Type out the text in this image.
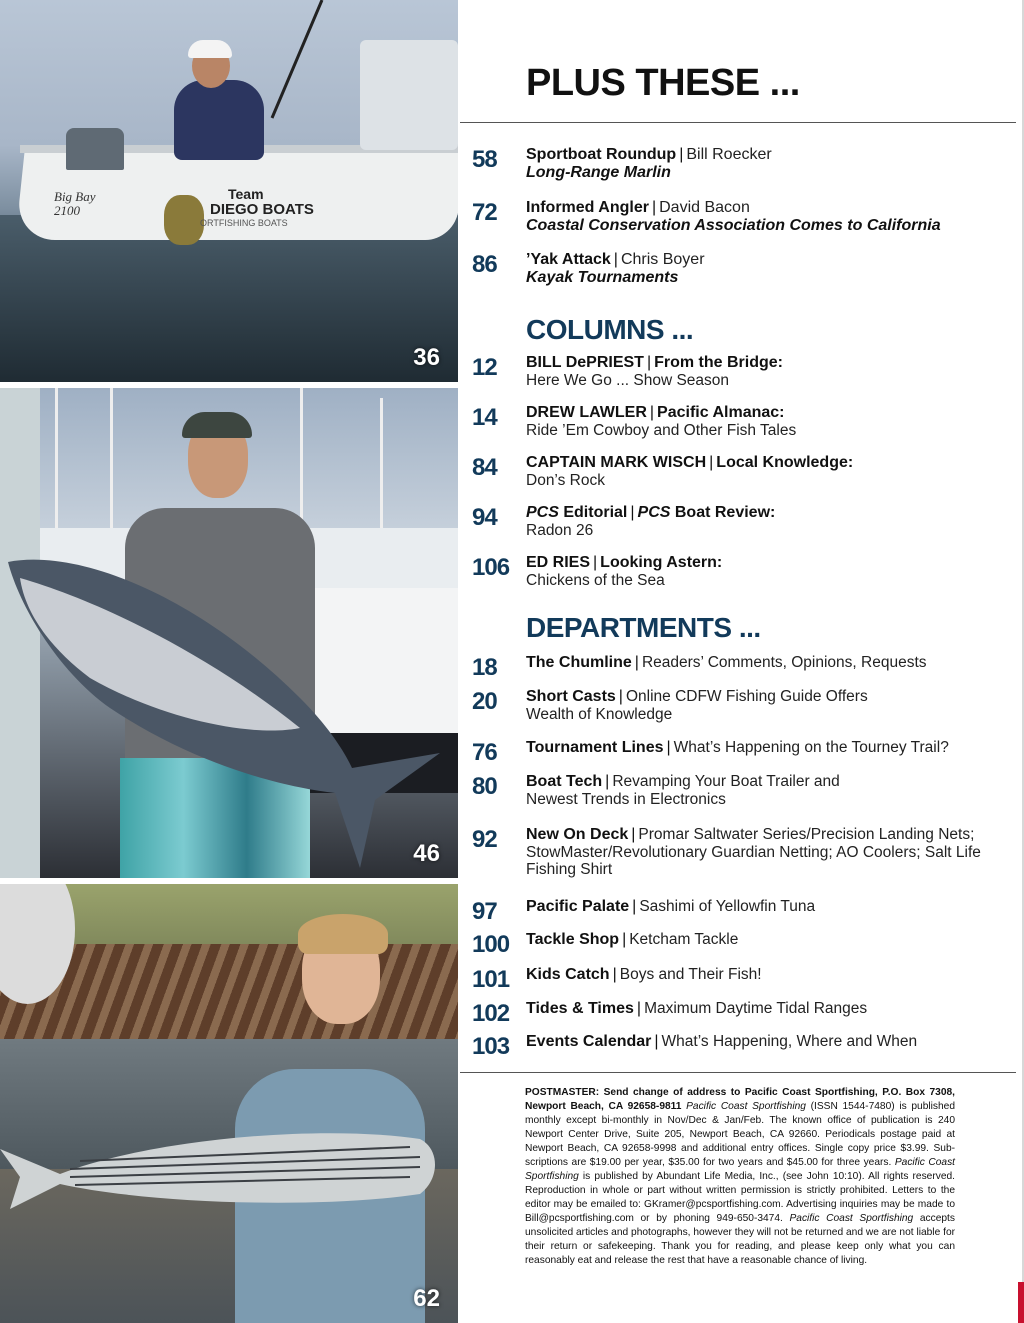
Big Bay
2100
Team
DIEGO BOATS
ORTFISHING BOATS
36
46
62
PLUS THESE ...
58	Sportboat Roundup | Bill Roecker
Long-Range Marlin
72	Informed Angler | David Bacon
Coastal Conservation Association Comes to California
86	’Yak Attack | Chris Boyer
Kayak Tournaments
COLUMNS ...
12	BILL DePRIEST | From the Bridge:
Here We Go ... Show Season
14	DREW LAWLER | Pacific Almanac:
Ride ’Em Cowboy and Other Fish Tales
84	CAPTAIN MARK WISCH | Local Knowledge:
Don’s Rock
94	PCS Editorial | PCS Boat Review:
Radon 26
106	ED RIES | Looking Astern:
Chickens of the Sea
DEPARTMENTS ...
18	The Chumline | Readers’ Comments, Opinions, Requests
20	Short Casts | Online CDFW Fishing Guide Offers
Wealth of Knowledge
76	Tournament Lines | What’s Happening on the Tourney Trail?
80	Boat Tech | Revamping Your Boat Trailer and
Newest Trends in Electronics
92	New On Deck | Promar Saltwater Series/Precision Landing Nets;
StowMaster/Revolutionary Guardian Netting; AO Coolers; Salt Life
Fishing Shirt
97	Pacific Palate | Sashimi of Yellowfin Tuna
100	Tackle Shop | Ketcham Tackle
101	Kids Catch | Boys and Their Fish!
102	Tides & Times | Maximum Daytime Tidal Ranges
103	Events Calendar | What’s Happening, Where and When
POSTMASTER: Send change of address to Pacific Coast Sportfishing, P.O. Box 7308, Newport Beach, CA 92658-9811 Pacific Coast Sportfishing (ISSN 1544-7480) is published monthly except bi-monthly in Nov/Dec & Jan/Feb. The known office of publication is 240 Newport Center Drive, Suite 205, Newport Beach, CA 92660. Periodicals postage paid at Newport Beach, CA 92658-9998 and additional entry offices. Single copy price $3.99. Sub-scriptions are $19.00 per year, $35.00 for two years and $45.00 for three years. Pacific Coast Sportfishing is published by Abundant Life Media, Inc., (see John 10:10). All rights reserved. Reproduction in whole or part without written permission is strictly prohibited. Letters to the editor may be emailed to: GKramer@pcsportfishing.com. Advertising inquiries may be made to Bill@pcsportfishing.com or by phoning 949-650-3474. Pacific Coast Sportfishing accepts unsolicited articles and photographs, however they will not be returned and we are not liable for their return or safekeeping. Thank you for reading, and please keep only what you can reasonably eat and release the rest that have a reasonable chance of living.
